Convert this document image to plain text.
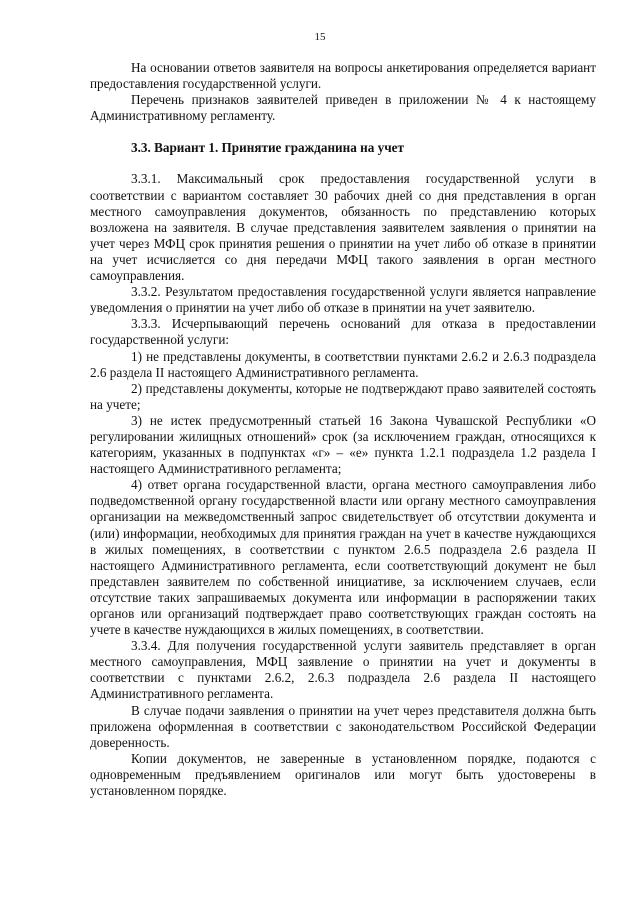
15

На основании ответов заявителя на вопросы анкетирования определяется вариант предоставления государственной услуги.

Перечень признаков заявителей приведен в приложении № 4 к настоящему Административному регламенту.

3.3. Вариант 1. Принятие гражданина на учет

3.3.1. Максимальный срок предоставления государственной услуги в соответствии с вариантом составляет 30 рабочих дней со дня представления в орган местного самоуправления документов, обязанность по представлению которых возложена на заявителя. В случае представления заявителем заявления о принятии на учет через МФЦ срок принятия решения о принятии на учет либо об отказе в принятии на учет исчисляется со дня передачи МФЦ такого заявления в орган местного самоуправления.

3.3.2. Результатом предоставления государственной услуги является направление уведомления о принятии на учет либо об отказе в принятии на учет заявителю.

3.3.3. Исчерпывающий перечень оснований для отказа в предоставлении государственной услуги:

1) не представлены документы, в соответствии пунктами 2.6.2 и 2.6.3 подраздела 2.6 раздела II настоящего Административного регламента.

2) представлены документы, которые не подтверждают право заявителей состоять на учете;

3) не истек предусмотренный статьей 16 Закона Чувашской Республики «О регулировании жилищных отношений» срок (за исключением граждан, относящихся к категориям, указанных в подпунктах «г» – «е» пункта 1.2.1 подраздела 1.2 раздела I настоящего Административного регламента;

4) ответ органа государственной власти, органа местного самоуправления либо подведомственной органу государственной власти или органу местного самоуправления организации на межведомственный запрос свидетельствует об отсутствии документа и (или) информации, необходимых для принятия граждан на учет в качестве нуждающихся в жилых помещениях, в соответствии с пунктом 2.6.5 подраздела 2.6 раздела II настоящего Административного регламента, если соответствующий документ не был представлен заявителем по собственной инициативе, за исключением случаев, если отсутствие таких запрашиваемых документа или информации в распоряжении таких органов или организаций подтверждает право соответствующих граждан состоять на учете в качестве нуждающихся в жилых помещениях, в соответствии.

3.3.4. Для получения государственной услуги заявитель представляет в орган местного самоуправления, МФЦ заявление о принятии на учет и документы в соответствии с пунктами 2.6.2, 2.6.3 подраздела 2.6 раздела II настоящего Административного регламента.

В случае подачи заявления о принятии на учет через представителя должна быть приложена оформленная в соответствии с законодательством Российской Федерации доверенность.

Копии документов, не заверенные в установленном порядке, подаются с одновременным предъявлением оригиналов или могут быть удостоверены в установленном порядке.
